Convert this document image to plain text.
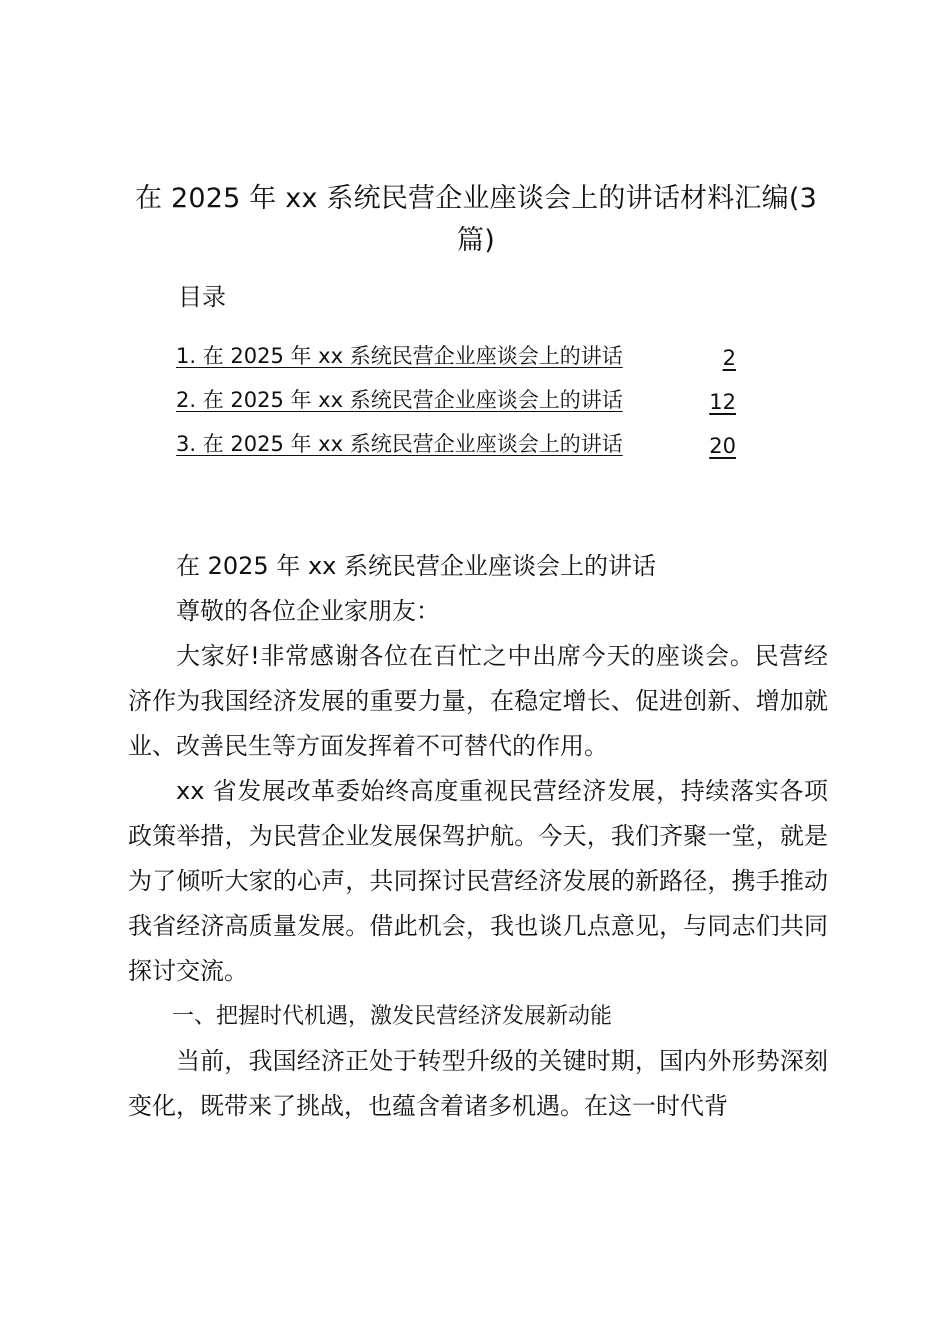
在 2025 年 xx 系统民营企业座谈会上的讲话材料汇编(3篇)
目录
1. 在 2025 年 xx 系统民营企业座谈会上的讲话	2
2. 在 2025 年 xx 系统民营企业座谈会上的讲话	12
3. 在 2025 年 xx 系统民营企业座谈会上的讲话	20

在 2025 年 xx 系统民营企业座谈会上的讲话

尊敬的各位企业家朋友：

大家好!非常感谢各位在百忙之中出席今天的座谈会。民营经济作为我国经济发展的重要力量，在稳定增长、促进创新、增加就业、改善民生等方面发挥着不可替代的作用。

xx 省发展改革委始终高度重视民营经济发展，持续落实各项政策举措，为民营企业发展保驾护航。今天，我们齐聚一堂，就是为了倾听大家的心声，共同探讨民营经济发展的新路径，携手推动我省经济高质量发展。借此机会，我也谈几点意见，与同志们共同探讨交流。

一、把握时代机遇，激发民营经济发展新动能

当前，我国经济正处于转型升级的关键时期，国内外形势深刻变化，既带来了挑战，也蕴含着诸多机遇。在这一时代背
